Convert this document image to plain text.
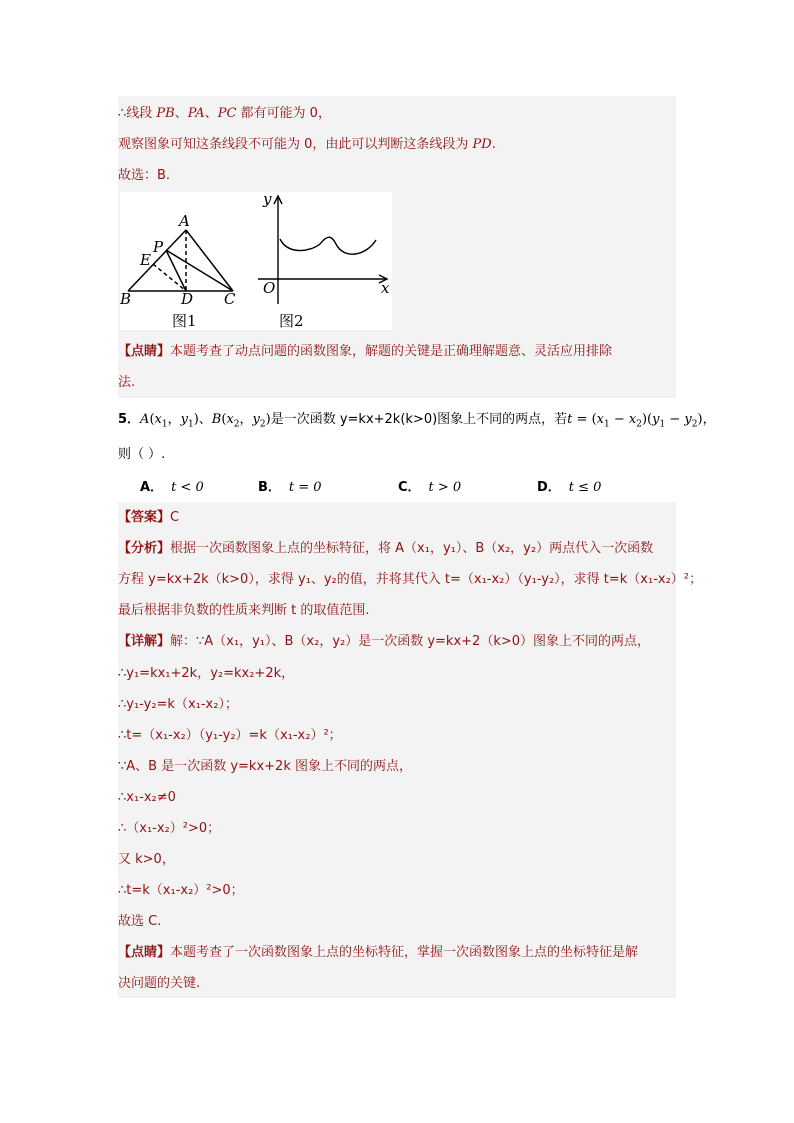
∴线段 PB、PA、PC 都有可能为 0，
观察图象可知这条线段不可能为 0，由此可以判断这条线段为 PD.
故选：B.
A
P
E
B	D C
图1
y
x
O
图2
【点睛】本题考查了动点问题的函数图象，解题的关键是正确理解题意、灵活应用排除
法.
5．$A(x_1$，$y_1$)、$B(x_2$，$y_2$)是一次函数 y=kx+2k(k>0)图象上不同的两点，若$t = (x_1 - x_2)(y_1 - y_2)$，
则（ ）.
A． t < 0	B． t = 0	C． t > 0	D． t ≤ 0
【答案】C
【分析】根据一次函数图象上点的坐标特征，将 A（x₁，y₁）、B（x₂，y₂）两点代入一次函数
方程 y=kx+2k（k>0），求得 y₁、y₂的值，并将其代入 t=（x₁-x₂）（y₁-y₂），求得 t=k（x₁-x₂）²；
最后根据非负数的性质来判断 t 的取值范围.
【详解】解：∵A（x₁，y₁）、B（x₂，y₂）是一次函数 y=kx+2（k>0）图象上不同的两点，
∴y₁=kx₁+2k，y₂=kx₂+2k，
∴y₁-y₂=k（x₁-x₂）；
∴t=（x₁-x₂）（y₁-y₂）=k（x₁-x₂）²；
∵A、B 是一次函数 y=kx+2k 图象上不同的两点，
∴x₁-x₂≠0
∴（x₁-x₂）²>0；
又 k>0，
∴t=k（x₁-x₂）²>0；
故选 C.
【点睛】本题考查了一次函数图象上点的坐标特征，掌握一次函数图象上点的坐标特征是解
决问题的关键.
